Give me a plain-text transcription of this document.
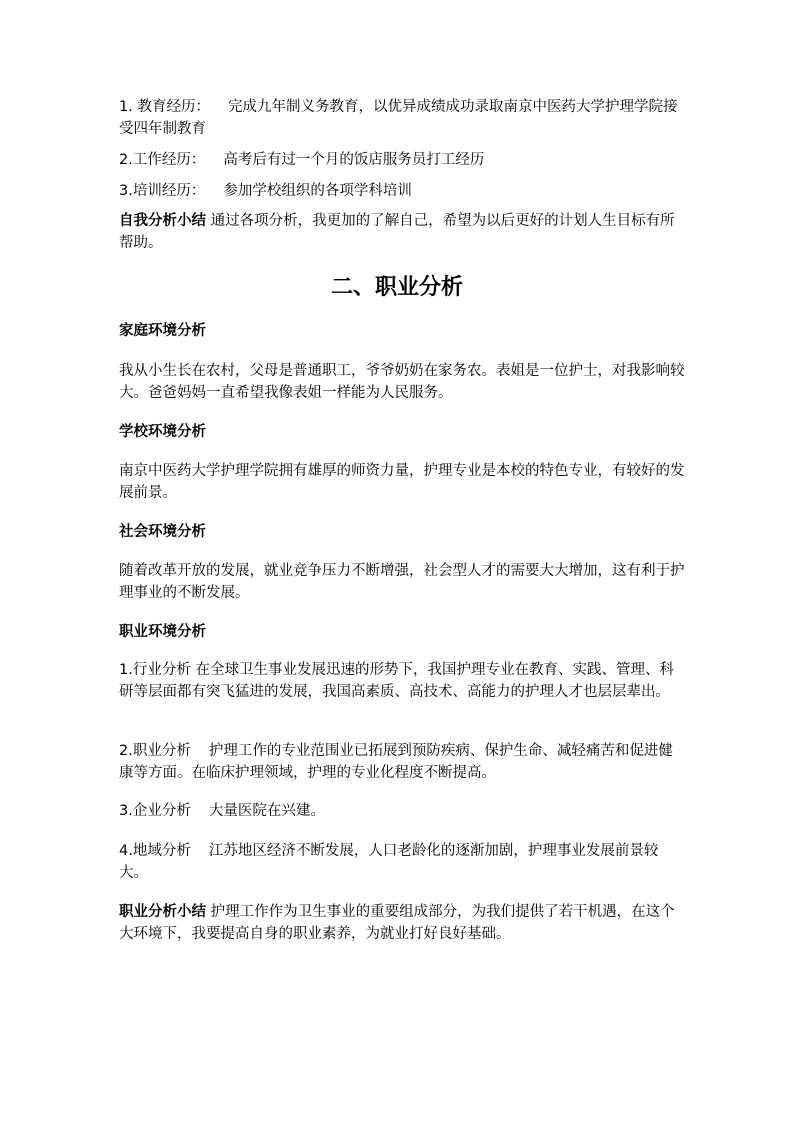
1. 教育经历： 完成九年制义务教育，以优异成绩成功录取南京中医药大学护理学院接受四年制教育
2.工作经历： 高考后有过一个月的饭店服务员打工经历
3.培训经历： 参加学校组织的各项学科培训
自我分析小结 通过各项分析，我更加的了解自己，希望为以后更好的计划人生目标有所帮助。
二、职业分析
家庭环境分析
我从小生长在农村，父母是普通职工，爷爷奶奶在家务农。表姐是一位护士，对我影响较大。爸爸妈妈一直希望我像表姐一样能为人民服务。
学校环境分析
南京中医药大学护理学院拥有雄厚的师资力量，护理专业是本校的特色专业，有较好的发展前景。
社会环境分析
随着改革开放的发展，就业竞争压力不断增强，社会型人才的需要大大增加，这有利于护理事业的不断发展。
职业环境分析
1.行业分析 在全球卫生事业发展迅速的形势下，我国护理专业在教育、实践、管理、科研等层面都有突飞猛进的发展，我国高素质、高技术、高能力的护理人才也层层辈出。
2.职业分析 护理工作的专业范围业已拓展到预防疾病、保护生命、减轻痛苦和促进健康等方面。在临床护理领域，护理的专业化程度不断提高。
3.企业分析 大量医院在兴建。
4.地域分析 江苏地区经济不断发展，人口老龄化的逐渐加剧，护理事业发展前景较大。
职业分析小结 护理工作作为卫生事业的重要组成部分，为我们提供了若干机遇，在这个大环境下，我要提高自身的职业素养，为就业打好良好基础。
